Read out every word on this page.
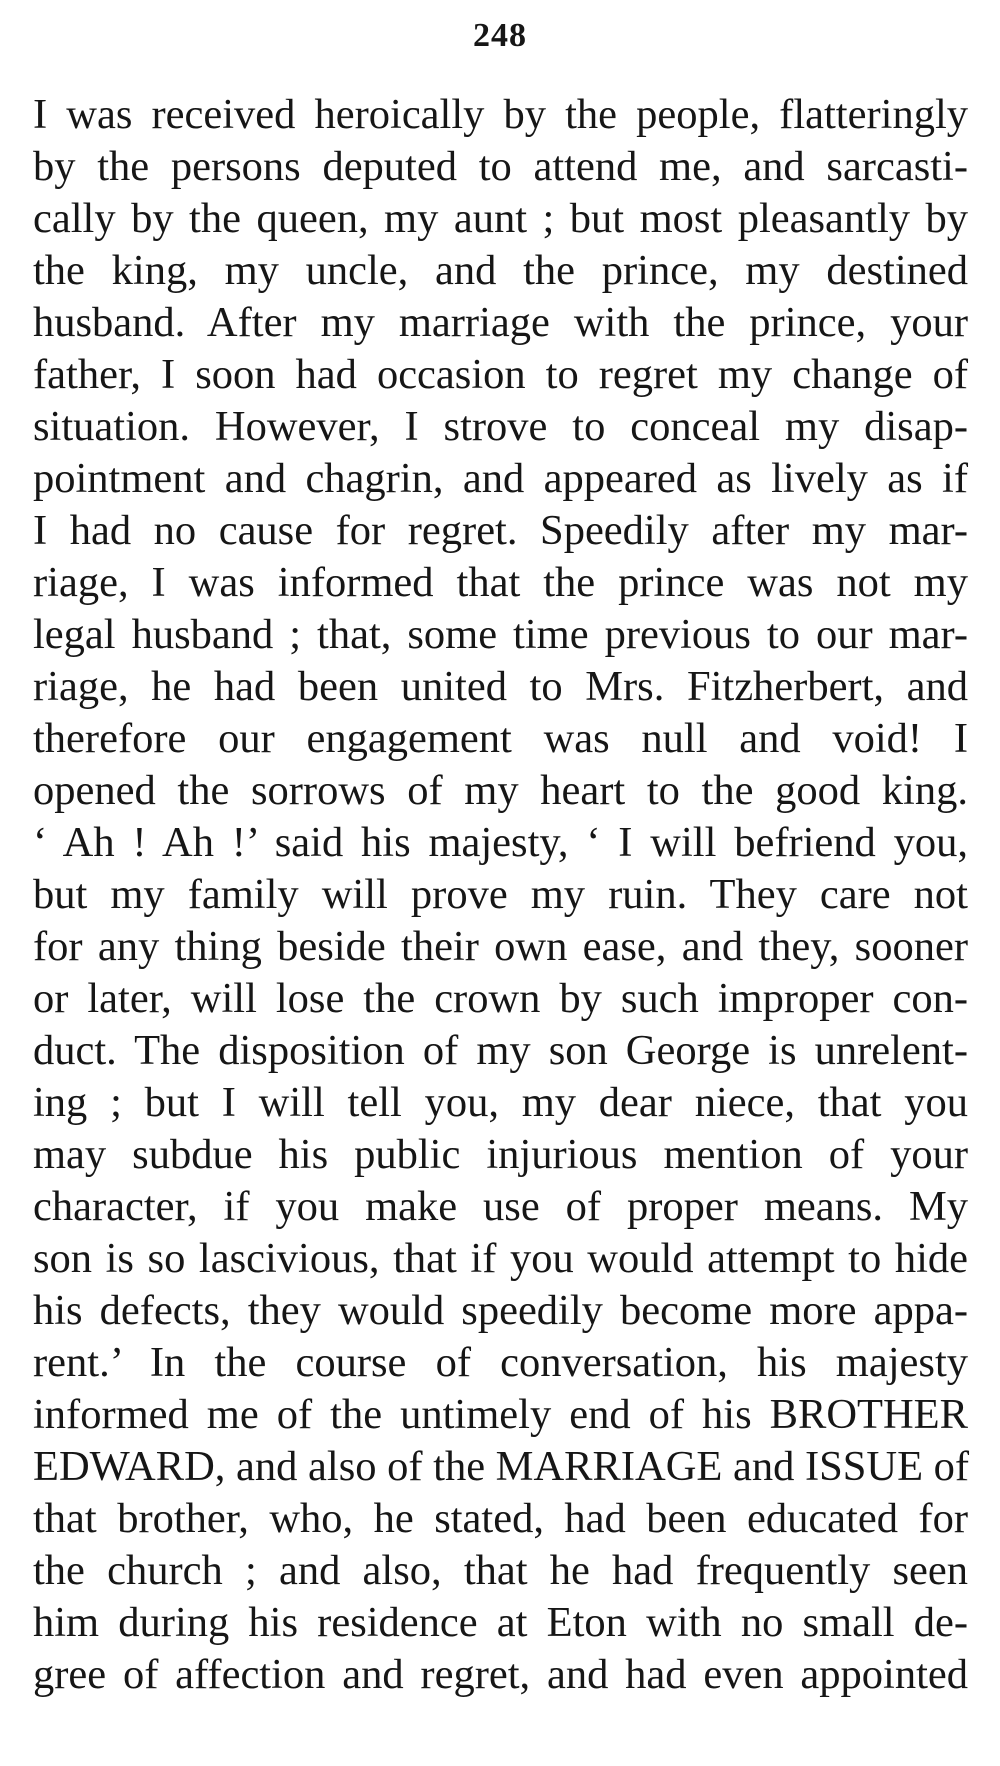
248
I was received heroically by the people, flatteringly
by the persons deputed to attend me, and sarcasti-
cally by the queen, my aunt ; but most pleasantly by
the king, my uncle, and the prince, my destined
husband. After my marriage with the prince, your
father, I soon had occasion to regret my change of
situation. However, I strove to conceal my disap-
pointment and chagrin, and appeared as lively as if
I had no cause for regret. Speedily after my mar-
riage, I was informed that the prince was not my
legal husband ; that, some time previous to our mar-
riage, he had been united to Mrs. Fitzherbert, and
therefore our engagement was null and void! I
opened the sorrows of my heart to the good king.
‘ Ah ! Ah !’ said his majesty, ‘ I will befriend you,
but my family will prove my ruin. They care not
for any thing beside their own ease, and they, sooner
or later, will lose the crown by such improper con-
duct. The disposition of my son George is unrelent-
ing ; but I will tell you, my dear niece, that you
may subdue his public injurious mention of your
character, if you make use of proper means. My
son is so lascivious, that if you would attempt to hide
his defects, they would speedily become more appa-
rent.’ In the course of conversation, his majesty
informed me of the untimely end of his BROTHER
EDWARD, and also of the MARRIAGE and ISSUE of
that brother, who, he stated, had been educated for
the church ; and also, that he had frequently seen
him during his residence at Eton with no small de-
gree of affection and regret, and had even appointed
